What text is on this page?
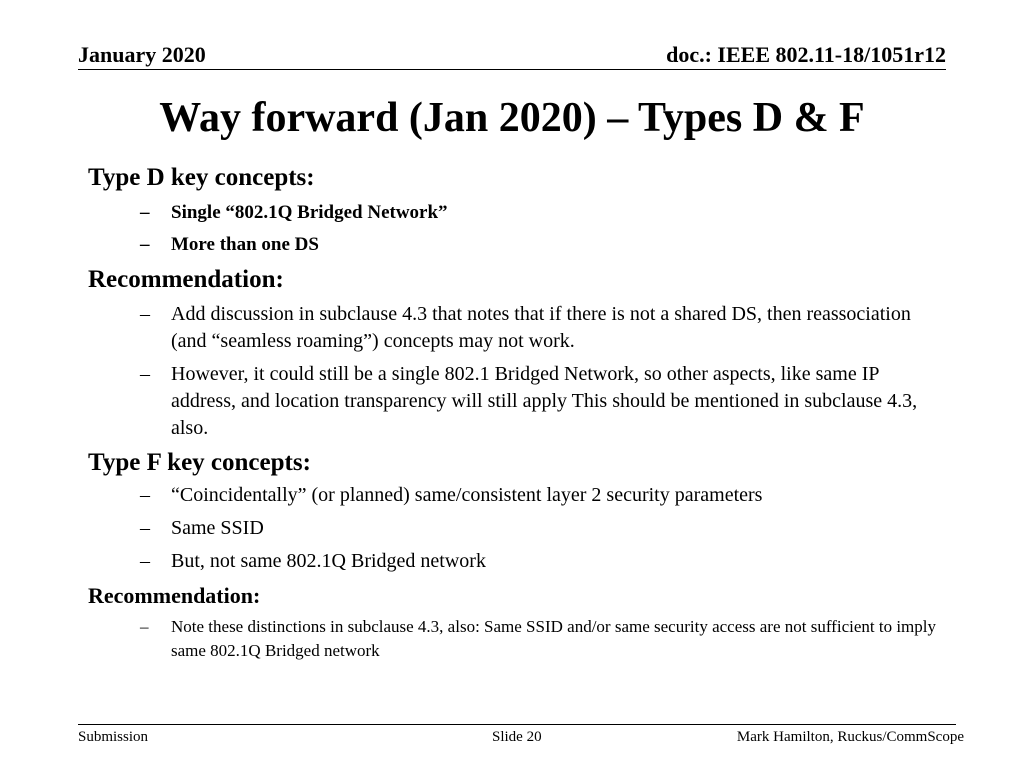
January 2020	doc.: IEEE 802.11-18/1051r12
Way forward (Jan 2020) – Types D & F
Type D key concepts:
– Single “802.1Q Bridged Network”
– More than one DS
Recommendation:
– Add discussion in subclause 4.3 that notes that if there is not a shared DS, then reassociation (and “seamless roaming”) concepts may not work.
– However, it could still be a single 802.1 Bridged Network, so other aspects, like same IP address, and location transparency will still apply This should be mentioned in subclause 4.3, also.
Type F key concepts:
– “Coincidentally” (or planned) same/consistent layer 2 security parameters
– Same SSID
– But, not same 802.1Q Bridged network
Recommendation:
– Note these distinctions in subclause 4.3, also: Same SSID and/or same security access are not sufficient to imply same 802.1Q Bridged network
Submission	Slide 20	Mark Hamilton, Ruckus/CommScope
